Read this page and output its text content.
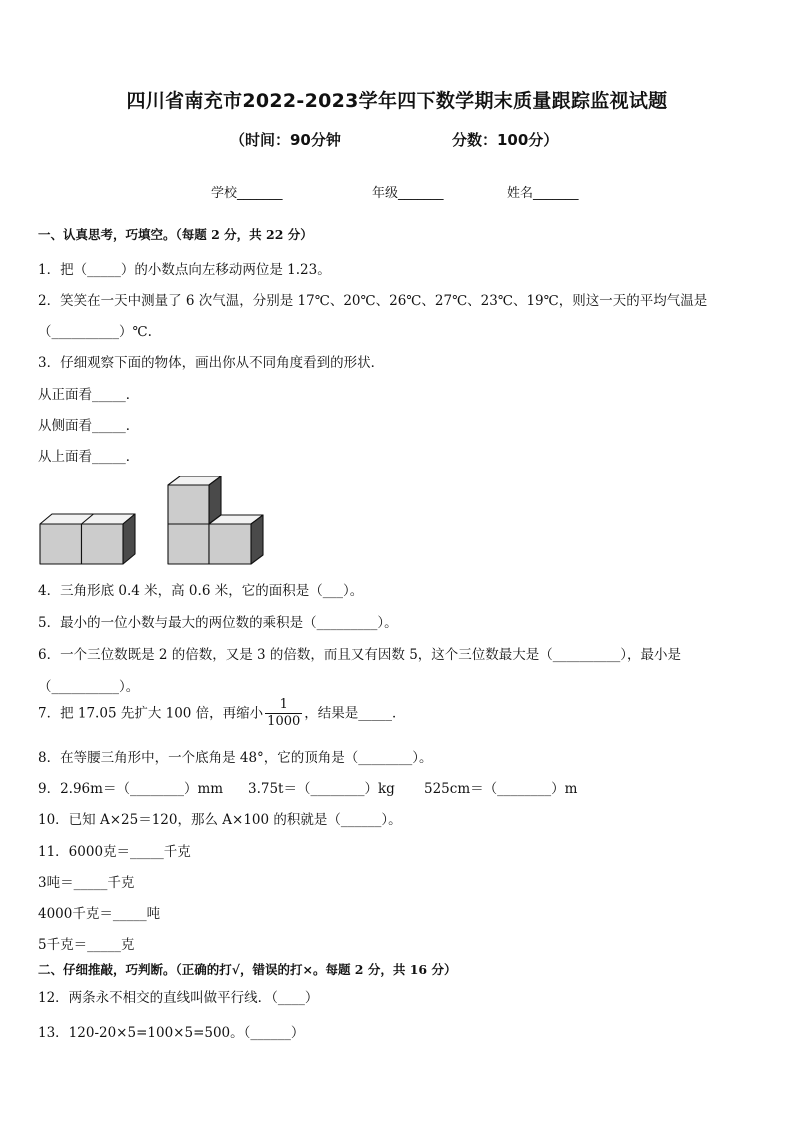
四川省南充市2022-2023学年四下数学期末质量跟踪监视试题
（时间：90分钟	分数：100分）
学校_______	年级_______	姓名_______
一、认真思考，巧填空。（每题 2 分，共 22 分）
1．把（_____）的小数点向左移动两位是 1.23。
2．笑笑在一天中测量了 6 次气温，分别是 17℃、20℃、26℃、27℃、23℃、19℃，则这一天的平均气温是
（__________）℃.
3．仔细观察下面的物体，画出你从不同角度看到的形状．
从正面看_____．
从侧面看_____．
从上面看_____．
4．三角形底 0.4 米，高 0.6 米，它的面积是（___）。
5．最小的一位小数与最大的两位数的乘积是（_________）。
6．一个三位数既是 2 的倍数，又是 3 的倍数，而且又有因数 5，这个三位数最大是（__________），最小是
（__________）。
7．把 17.05 先扩大 100 倍，再缩小 $\frac{1}{1000}$ ，结果是_____．
8．在等腰三角形中，一个底角是 48°，它的顶角是（________）。
9．2.96m＝（________）mm 3.75t＝（________）kg 525cm＝（________）m
10．已知 A×25＝120，那么 A×100 的积就是（______）。
11．6000克＝_____千克
3吨＝_____千克
4000千克＝_____吨
5千克＝_____克
二、仔细推敲，巧判断。（正确的打√，错误的打×。每题 2 分，共 16 分）
12．两条永不相交的直线叫做平行线．（____）
13．120-20×5=100×5=500。（______）
